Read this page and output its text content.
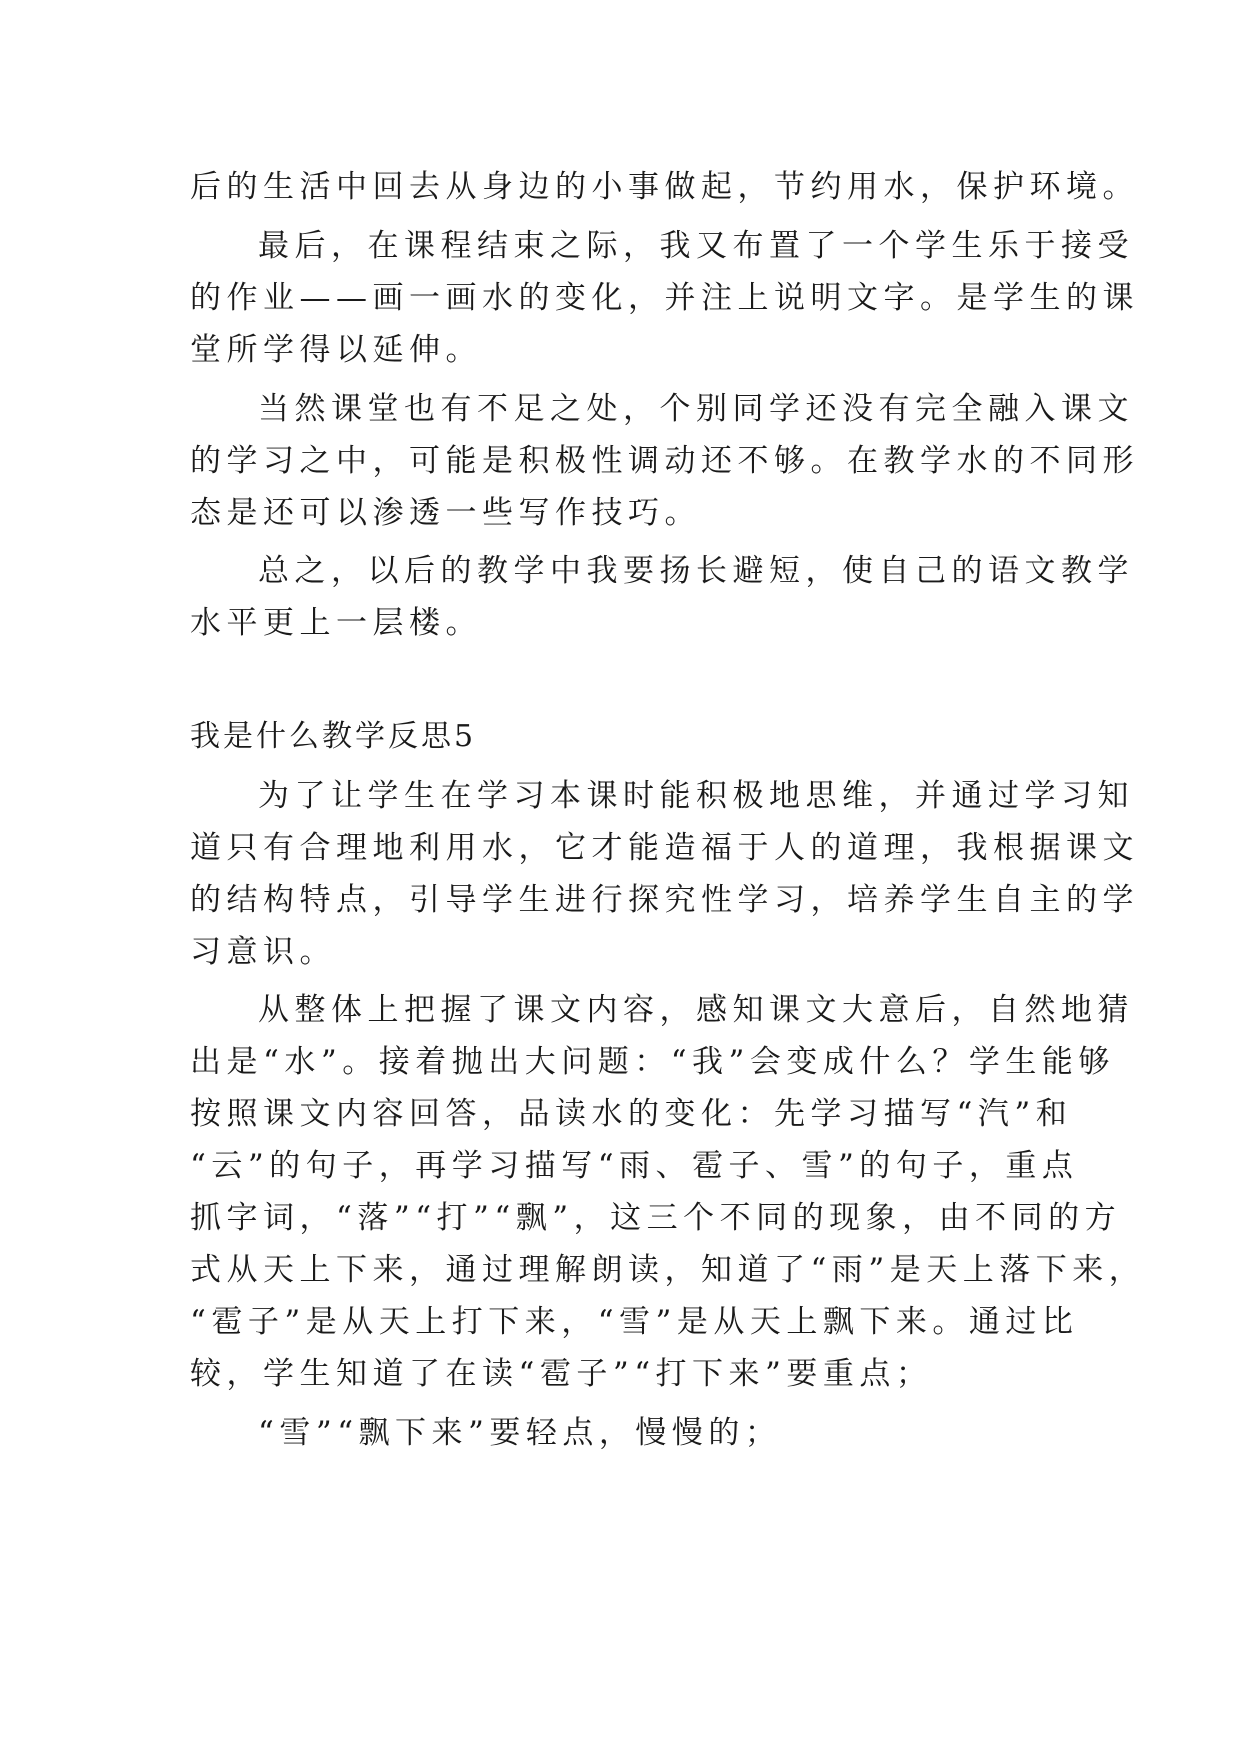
后的生活中回去从身边的小事做起，节约用水，保护环境。
最后，在课程结束之际，我又布置了一个学生乐于接受
的作业——画一画水的变化，并注上说明文字。是学生的课
堂所学得以延伸。
当然课堂也有不足之处，个别同学还没有完全融入课文
的学习之中，可能是积极性调动还不够。在教学水的不同形
态是还可以渗透一些写作技巧。
总之，以后的教学中我要扬长避短，使自己的语文教学
水平更上一层楼。
我是什么教学反思5
为了让学生在学习本课时能积极地思维，并通过学习知
道只有合理地利用水，它才能造福于人的道理，我根据课文
的结构特点，引导学生进行探究性学习，培养学生自主的学
习意识。
从整体上把握了课文内容，感知课文大意后，自然地猜
出是“水”。接着抛出大问题：“我”会变成什么？学生能够
按照课文内容回答，品读水的变化：先学习描写“汽”和
“云”的句子，再学习描写“雨、雹子、雪”的句子，重点
抓字词，“落”“打”“飘”，这三个不同的现象，由不同的方
式从天上下来，通过理解朗读，知道了“雨”是天上落下来，
“雹子”是从天上打下来，“雪”是从天上飘下来。通过比
较，学生知道了在读“雹子”“打下来”要重点；
“雪”“飘下来”要轻点，慢慢的；
